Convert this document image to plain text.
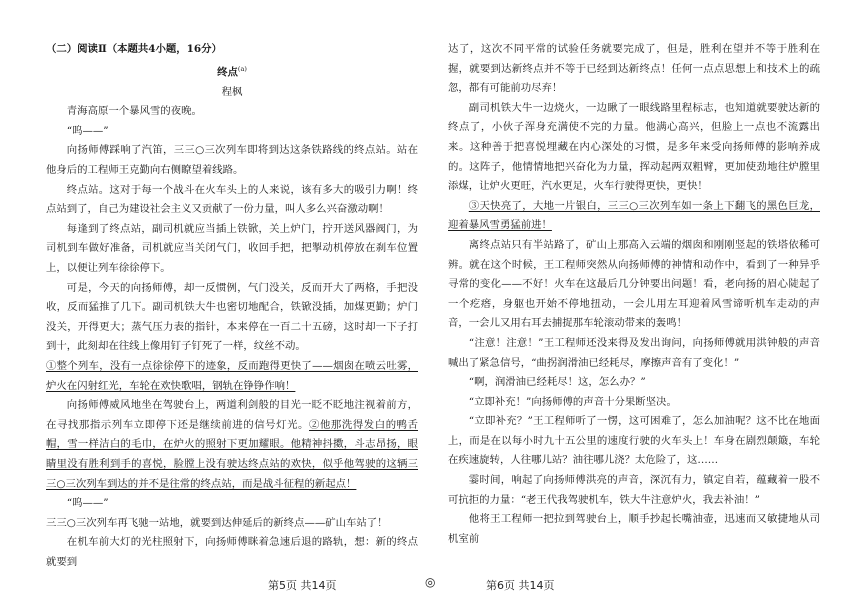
（二）阅读Ⅱ（本题共4小题，16分）

终点$^{(a)}$

程枫

青海高原一个暴风雪的夜晚。

“呜——”

向扬师傅踩响了汽笛，三三○三次列车即将到达这条铁路线的终点站。站在他身后的工程师王克勤向右侧瞭望着线路。

终点站。这对于每一个战斗在火车头上的人来说，该有多大的吸引力啊！终点站到了，自己为建设社会主义又贡献了一份力量，叫人多么兴奋激动啊！

每逢到了终点站，副司机就应当插上铁锨，关上炉门，拧开送风器阀门，为司机到车做好准备，司机就应当关闭气门，收回手把，把掣动机停放在刹车位置上，以便让列车徐徐停下。

可是，今天的向扬师傅，却一反惯例，气门没关，反而开大了两格，手把没收，反而猛推了几下。副司机铁大牛也密切地配合，铁锨没插，加煤更勤；炉门没关，开得更大；蒸气压力表的指针，本来停在一百二十五磅，这时却一下子打到十，此刻却在往线上像用钉子钉死了一样，纹丝不动。

①整个列车，没有一点徐徐停下的迹象，反而跑得更快了——烟囱在喷云吐雾，炉火在闪射红光，车轮在欢快歌唱，钢轨在铮铮作响！

向扬师傅威风地坐在驾驶台上，两道利剑般的目光一眨不眨地注视着前方，在寻找那指示列车立即停下还是继续前进的信号灯光。②他那洗得发白的鸭舌帽，雪一样洁白的毛巾，在炉火的照射下更加耀眼。他精神抖擞，斗志昂扬，眼睛里没有胜利到手的喜悦，脸膛上没有驶达终点站的欢快，似乎他驾驶的这辆三三○三次列车到达的并不是往常的终点站，而是战斗征程的新起点！

“呜——”

三三○三次列车再飞驰一站地，就要到达伸延后的新终点——矿山车站了！

在机车前大灯的光柱照射下，向扬师傅眯着急速后退的路轨，想：新的终点就要到

达了，这次不同平常的试验任务就要完成了，但是，胜利在望并不等于胜利在握，就要到达新终点并不等于已经到达新终点！任何一点点思想上和技术上的疏忽，都有可能前功尽弃！

副司机铁大牛一边烧火，一边瞅了一眼线路里程标志，也知道就要驶达新的终点了，小伙子浑身充满使不完的力量。他满心高兴，但脸上一点也不流露出来。这种善于把喜悦埋藏在内心深处的习惯，是多年来受向扬师傅的影响养成的。这阵子，他情情地把兴奋化为力量，挥动起两双粗臂，更加使劲地往炉膛里添煤，让炉火更旺，汽水更足，火车行驶得更快，更快！

③天快亮了，大地一片银白，三三○三次列车如一条上下翻飞的黑色巨龙，迎着暴风雪勇猛前进！

离终点站只有半站路了，矿山上那高入云端的烟囱和刚刚竖起的铁塔依稀可辨。就在这个时候，王工程师突然从向扬师傅的神情和动作中，看到了一种异乎寻常的变化——不好！火车在这最后几分钟要出问题！看，老向扬的眉心陡起了一个疙瘩，身躯也开始不停地扭动，一会儿用左耳迎着风雪谛听机车走动的声音，一会儿又用右耳去捕捉那车轮滚动带来的轰鸣！

“注意！注意！”王工程师还没来得及发出询问，向扬师傅就用洪钟般的声音喊出了紧急信号，“曲拐润滑油已经耗尽，摩擦声音有了变化！”

“啊，润滑油已经耗尽！这，怎么办？”

“立即补充！”向扬师傅的声音十分果断坚决。

“立即补充？”王工程师听了一愣，这可困难了，怎么加油呢？这不比在地面上，而是在以每小时九十五公里的速度行驶的火车头上！车身在剧烈颠簸，车轮在疾速旋转，人往哪儿站？油往哪儿浇？太危险了，这……

霎时间，响起了向扬师傅洪亮的声音，深沉有力，镇定自若，蕴藏着一股不可抗拒的力量：“老王代我驾驶机车，铁大牛注意炉火，我去补油！”

他将王工程师一把拉到驾驶台上，顺手抄起长嘴油壶，迅速而又敏捷地从司机室前

第5页 共14页	◎	第6页 共14页
